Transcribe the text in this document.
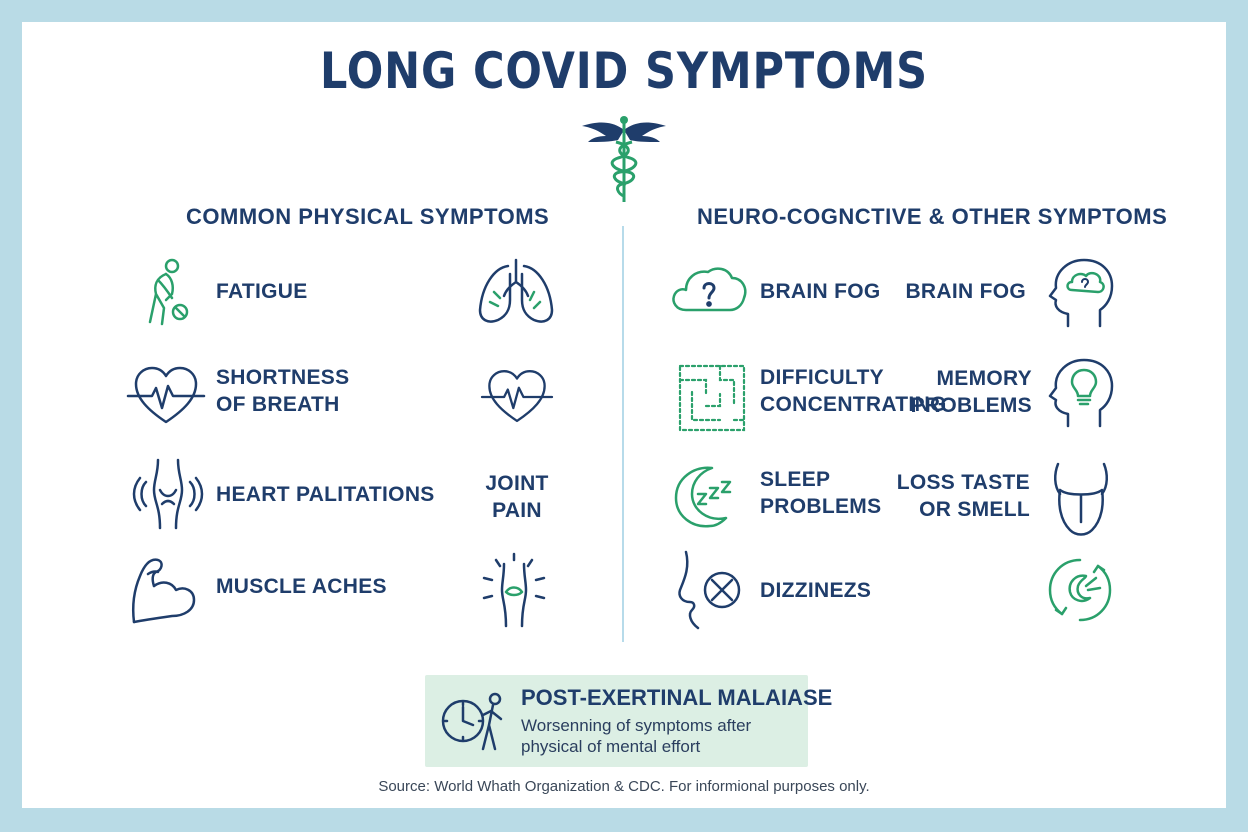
LONG COVID SYMPTOMS
COMMON PHYSICAL SYMPTOMS	NEURO-COGNCTIVE & OTHER SYMPTOMS
FATIGUE
SHORTNESS
OF BREATH
HEART PALITATIONS
MUSCLE ACHES
JOINT
PAIN
BRAIN FOG
DIFFICULTY
CONCENTRATING
SLEEP
PROBLEMS
DIZZINEZS
BRAIN FOG
MEMORY
PROBLEMS
LOSS TASTE
OR SMELL
POST-EXERTINAL MALAIASE
Worsenning of symptoms after
physical of mental effort
Source: World Whath Organization & CDC. For informional purposes only.
